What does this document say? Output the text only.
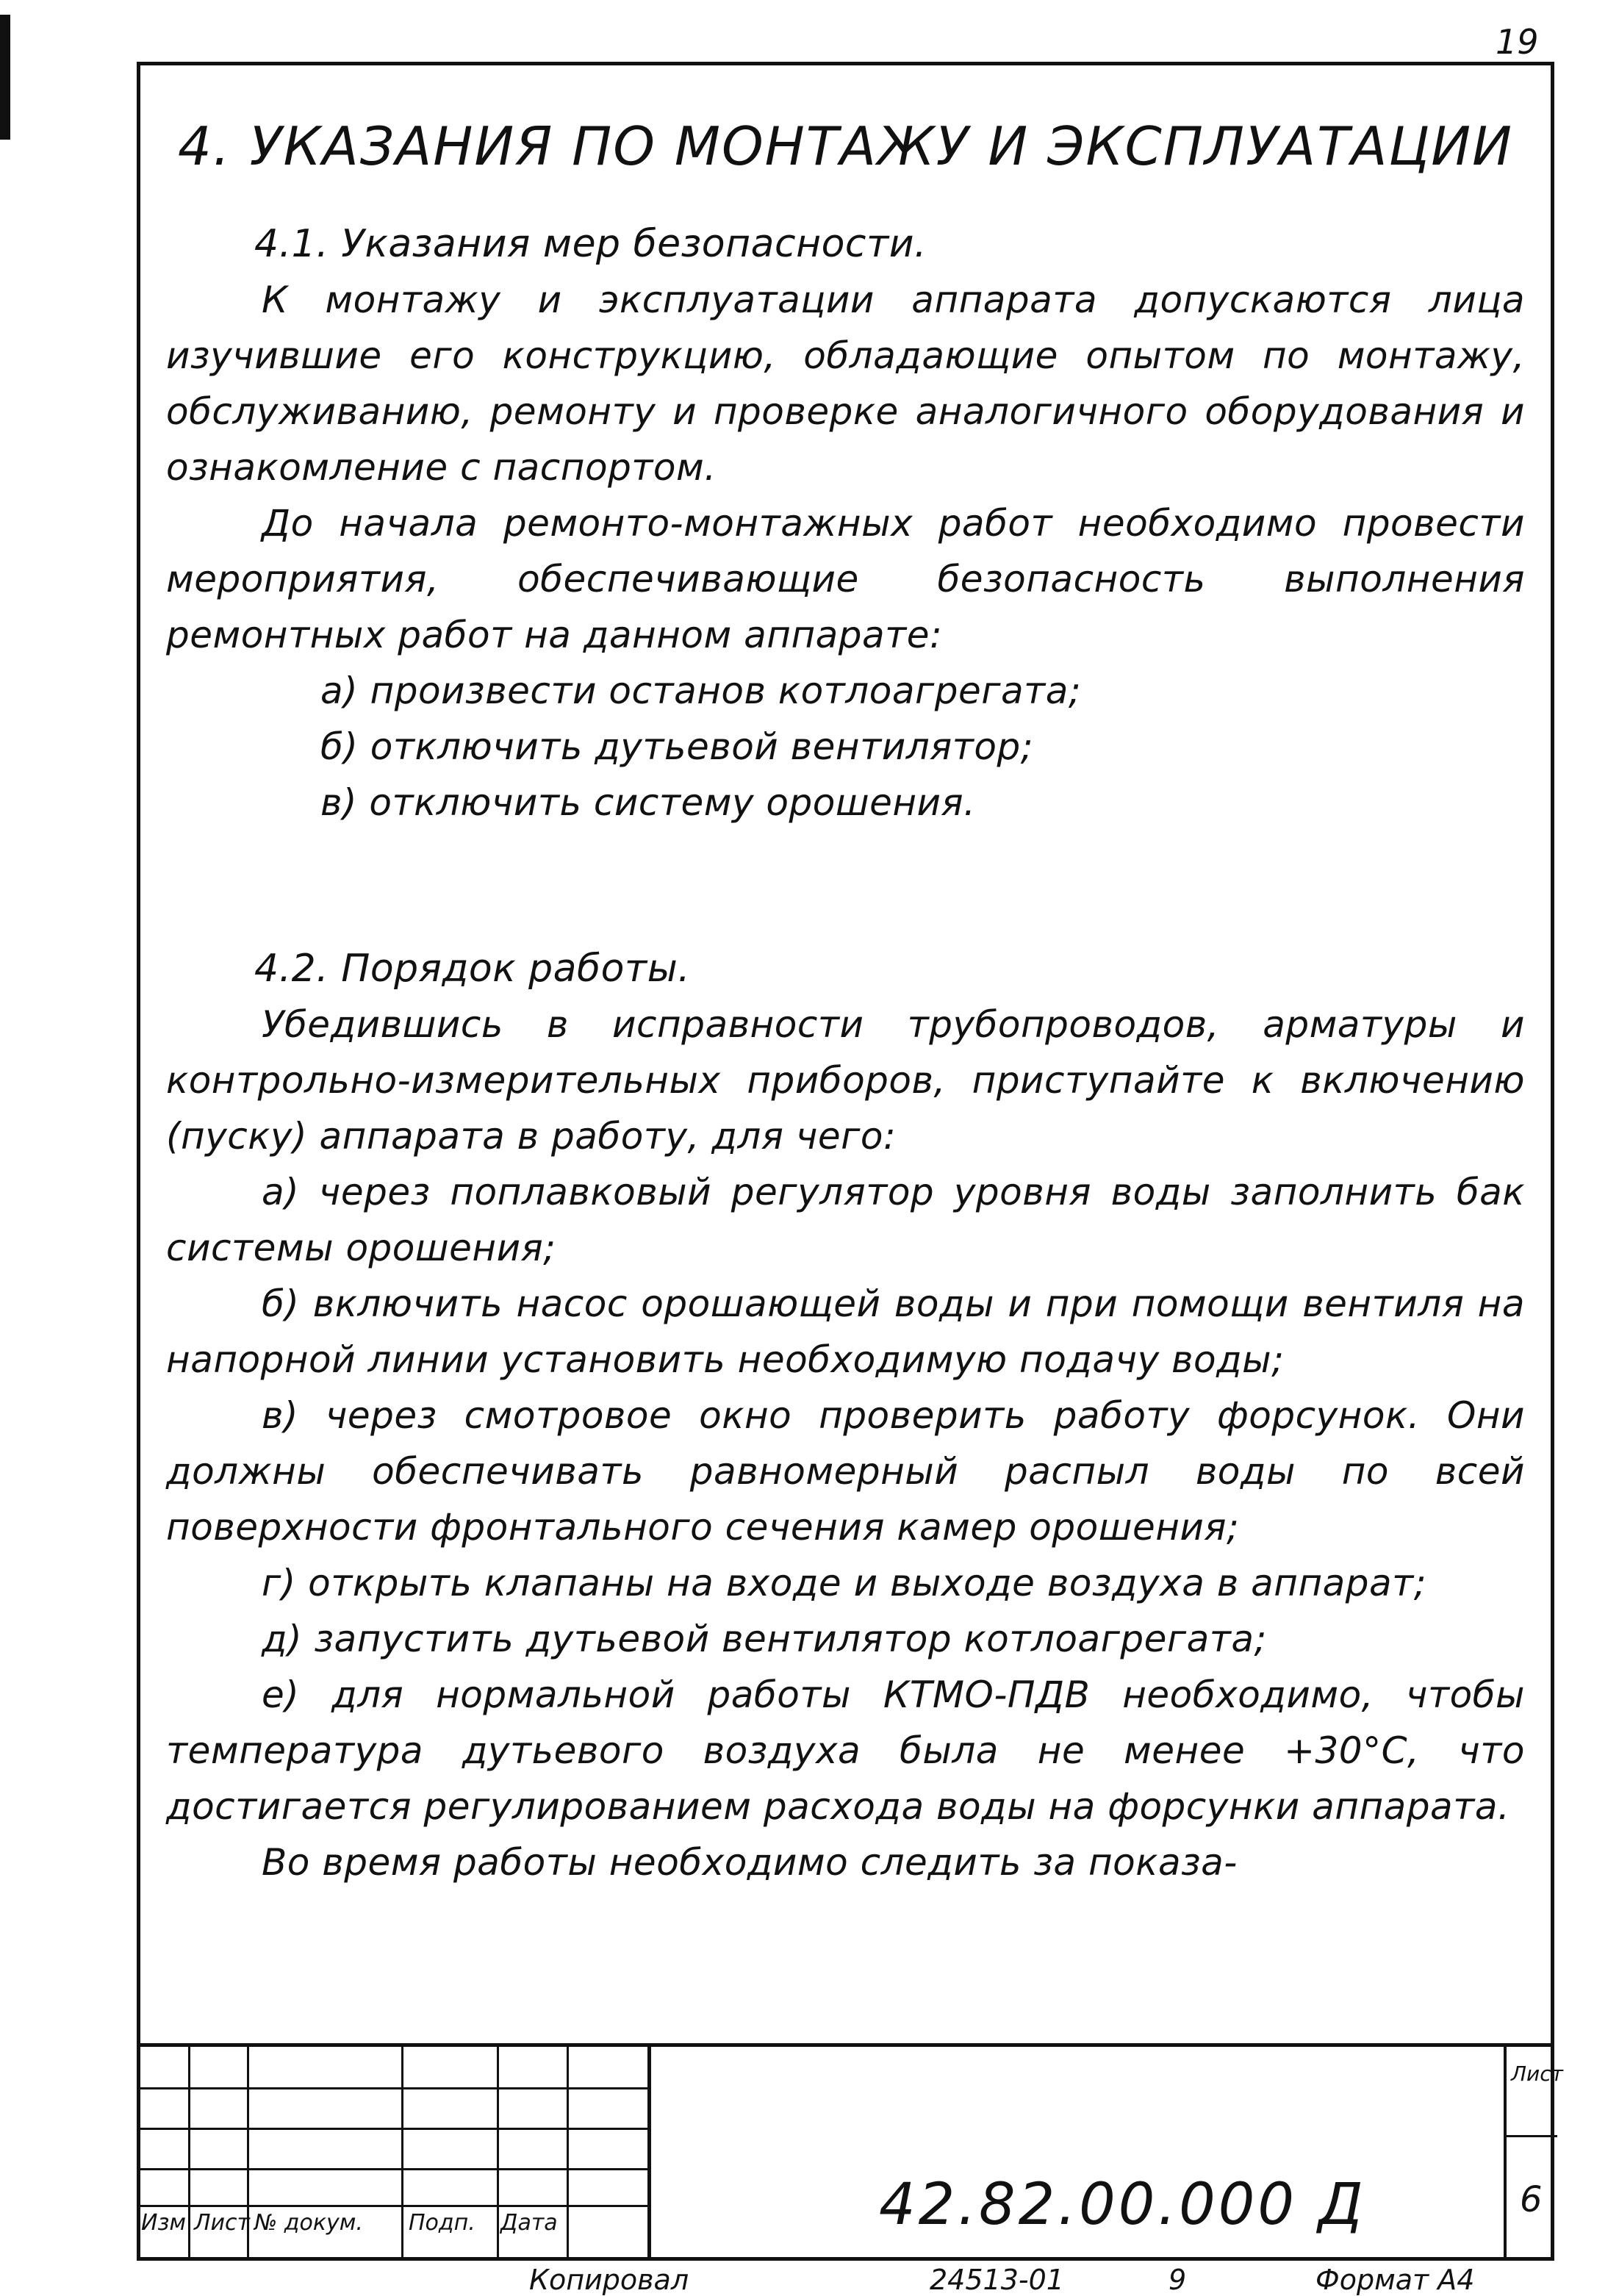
19
4. УКАЗАНИЯ ПО МОНТАЖУ И ЭКСПЛУАТАЦИИ

4.1. Указания мер безопасности.

К монтажу и эксплуатации аппарата допускаются лица изучившие его конструкцию, обладающие опытом по монтажу, обслуживанию, ремонту и проверке аналогичного оборудования и ознакомление с паспортом.

До начала ремонто-монтажных работ необходимо провести мероприятия, обеспечивающие безопасность выполнения ремонтных работ на данном аппарате:

а) произвести останов котлоагрегата;

б) отключить дутьевой вентилятор;

в) отключить систему орошения.

4.2. Порядок работы.

Убедившись в исправности трубопроводов, арматуры и контрольно-измерительных приборов, приступайте к включению (пуску) аппарата в работу, для чего:

а) через поплавковый регулятор уровня воды заполнить бак системы орошения;

б) включить насос орошающей воды и при помощи вентиля на напорной линии установить необходимую подачу воды;

в) через смотровое окно проверить работу форсунок. Они должны обеспечивать равномерный распыл воды по всей поверхности фронтального сечения камер орошения;

г) открыть клапаны на входе и выходе воздуха в аппарат;

д) запустить дутьевой вентилятор котлоагрегата;

е) для нормальной работы КТМО-ПДВ необходимо, чтобы температура дутьевого воздуха была не менее +30°С, что достигается регулированием расхода воды на форсунки аппарата.

Во время работы необходимо следить за показа-

Изм Лист № докум. Подп. Дата	42.82.00.000 Д
Лист
6
Копировал	24513-01	9	Формат А4
